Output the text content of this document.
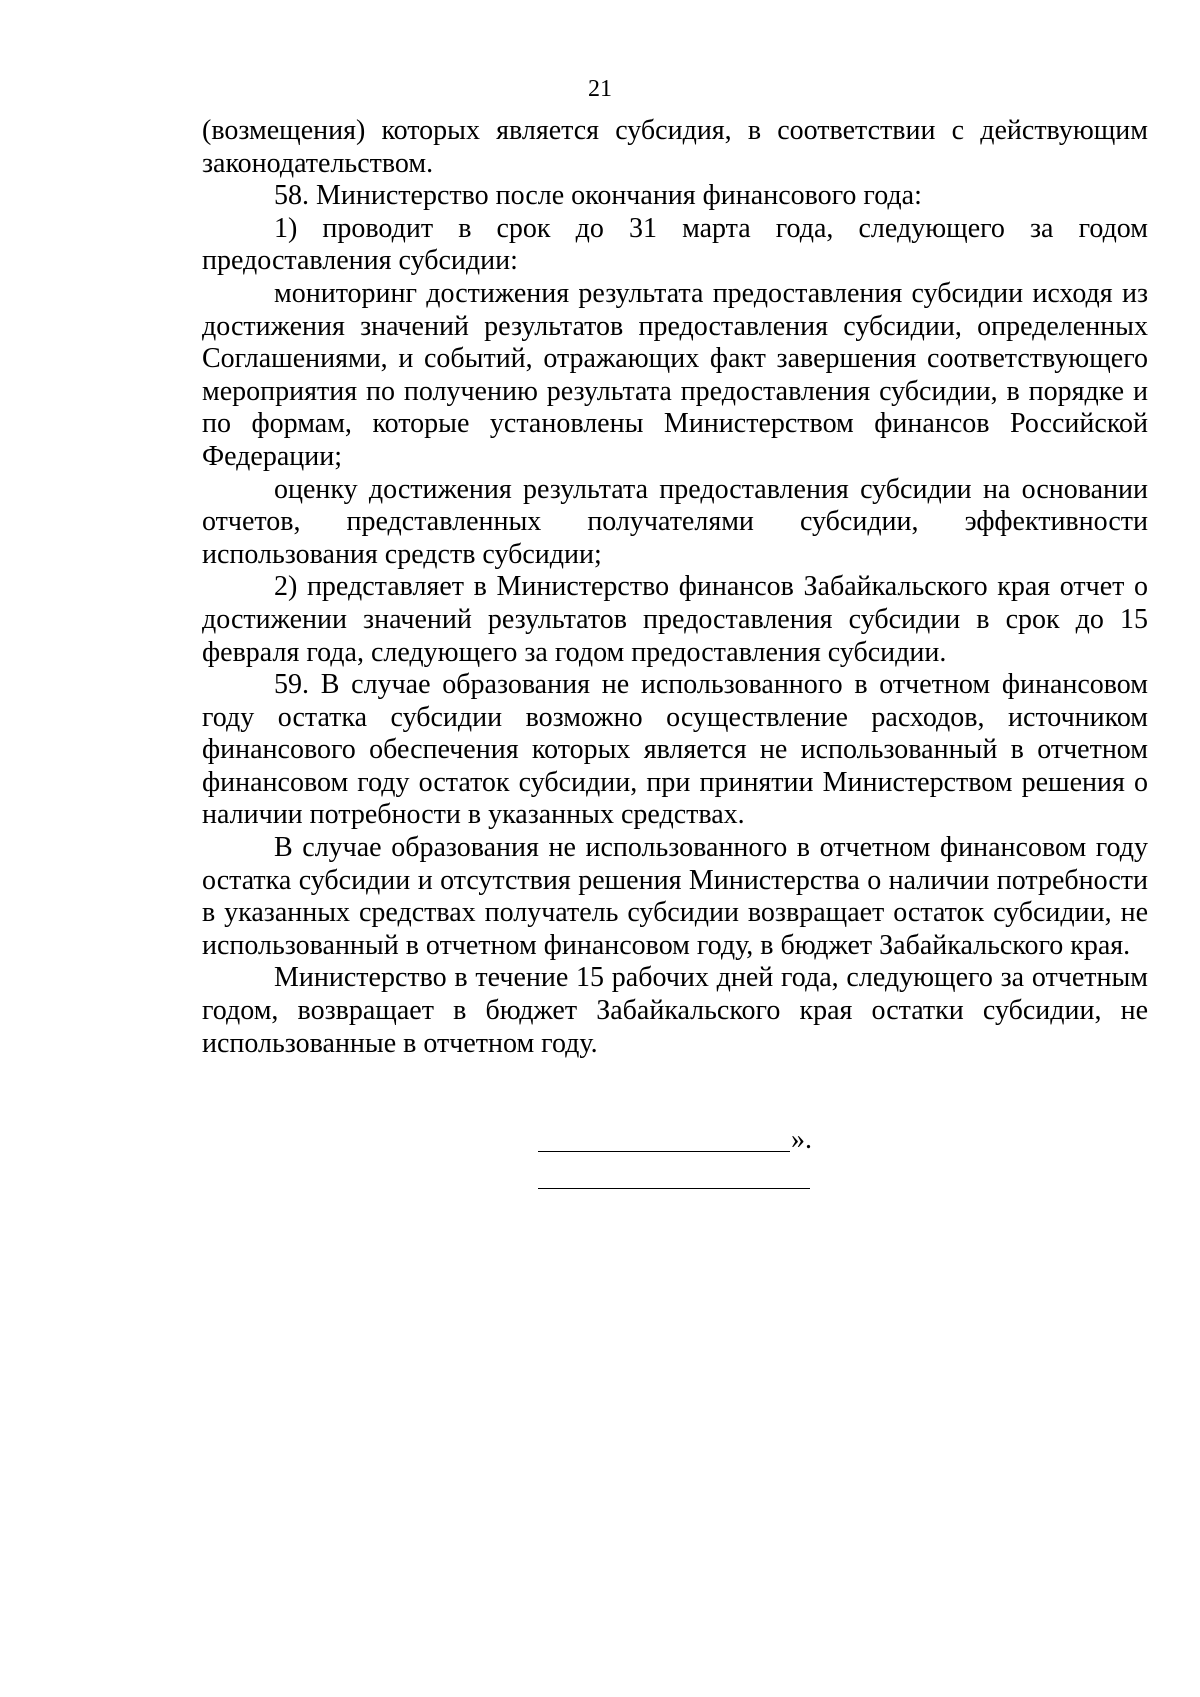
21

(возмещения) которых является субсидия, в соответствии с действующим законодательством.

58. Министерство после окончания финансового года:

1) проводит в срок до 31 марта года, следующего за годом предоставления субсидии:

мониторинг достижения результата предоставления субсидии исходя из достижения значений результатов предоставления субсидии, определенных Соглашениями, и событий, отражающих факт завершения соответствующего мероприятия по получению результата предоставления субсидии, в порядке и по формам, которые установлены Министерством финансов Российской Федерации;

оценку достижения результата предоставления субсидии на основании отчетов, представленных получателями субсидии, эффективности использования средств субсидии;

2) представляет в Министерство финансов Забайкальского края отчет о достижении значений результатов предоставления субсидии в срок до 15 февраля года, следующего за годом предоставления субсидии.

59. В случае образования не использованного в отчетном финансовом году остатка субсидии возможно осуществление расходов, источником финансового обеспечения которых является не использованный в отчетном финансовом году остаток субсидии, при принятии Министерством решения о наличии потребности в указанных средствах.

В случае образования не использованного в отчетном финансовом году остатка субсидии и отсутствия решения Министерства о наличии потребности в указанных средствах получатель субсидии возвращает остаток субсидии, не использованный в отчетном финансовом году, в бюджет Забайкальского края.

Министерство в течение 15 рабочих дней года, следующего за отчетным годом, возвращает в бюджет Забайкальского края остатки субсидии, не использованные в отчетном году.

».
